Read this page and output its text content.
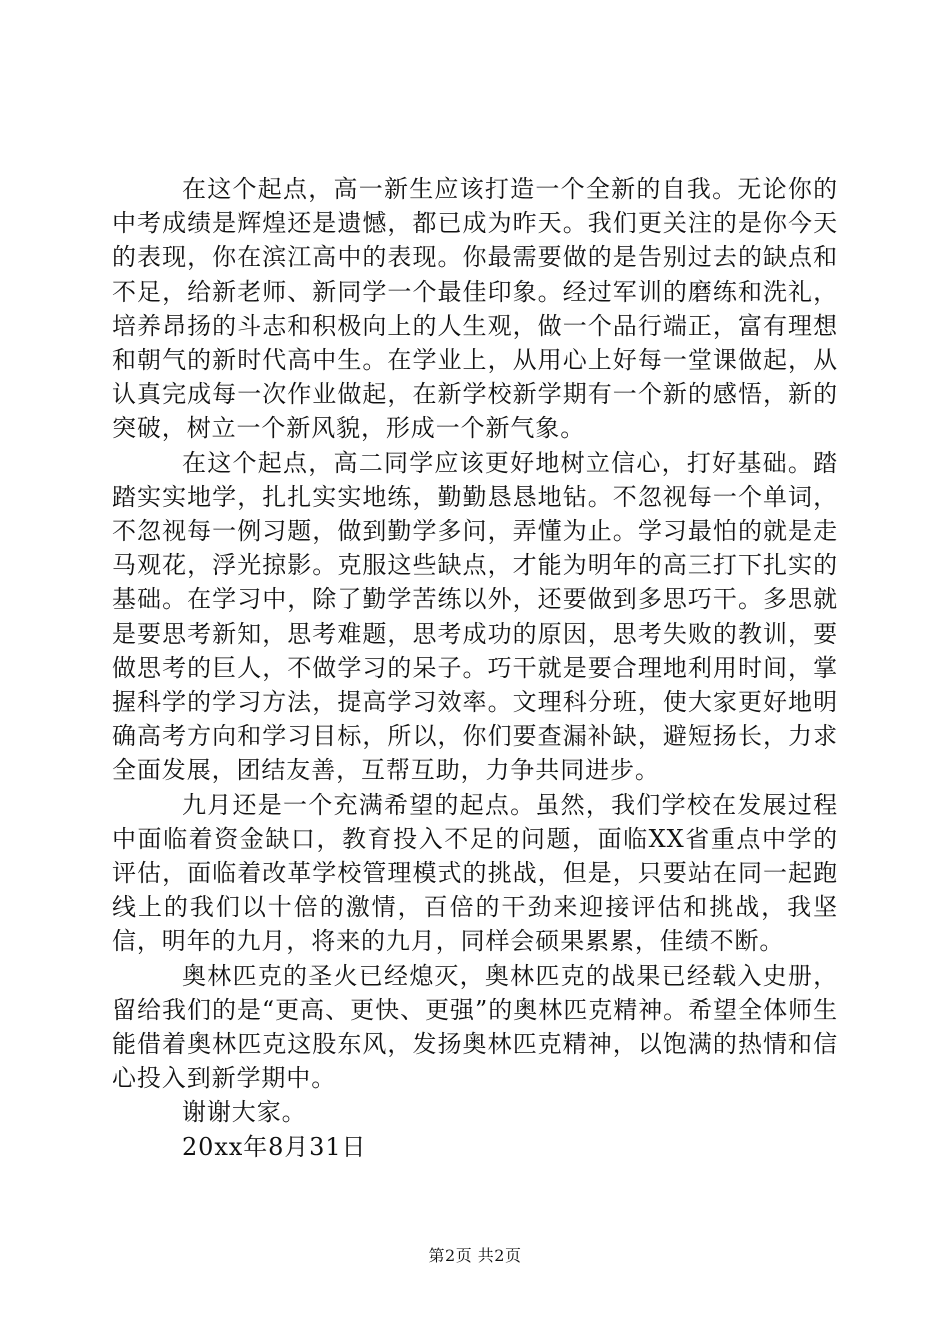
在这个起点，高一新生应该打造一个全新的自我。无论你的中考成绩是辉煌还是遗憾，都已成为昨天。我们更关注的是你今天的表现，你在滨江高中的表现。你最需要做的是告别过去的缺点和不足，给新老师、新同学一个最佳印象。经过军训的磨练和洗礼，培养昂扬的斗志和积极向上的人生观，做一个品行端正，富有理想和朝气的新时代高中生。在学业上，从用心上好每一堂课做起，从认真完成每一次作业做起，在新学校新学期有一个新的感悟，新的突破，树立一个新风貌，形成一个新气象。

在这个起点，高二同学应该更好地树立信心，打好基础。踏踏实实地学，扎扎实实地练，勤勤恳恳地钻。不忽视每一个单词，不忽视每一例习题，做到勤学多问，弄懂为止。学习最怕的就是走马观花，浮光掠影。克服这些缺点，才能为明年的高三打下扎实的基础。在学习中，除了勤学苦练以外，还要做到多思巧干。多思就是要思考新知，思考难题，思考成功的原因，思考失败的教训，要做思考的巨人，不做学习的呆子。巧干就是要合理地利用时间，掌握科学的学习方法，提高学习效率。文理科分班，使大家更好地明确高考方向和学习目标，所以，你们要查漏补缺，避短扬长，力求全面发展，团结友善，互帮互助，力争共同进步。

九月还是一个充满希望的起点。虽然，我们学校在发展过程中面临着资金缺口，教育投入不足的问题，面临XX省重点中学的评估，面临着改革学校管理模式的挑战，但是，只要站在同一起跑线上的我们以十倍的激情，百倍的干劲来迎接评估和挑战，我坚信，明年的九月，将来的九月，同样会硕果累累，佳绩不断。

奥林匹克的圣火已经熄灭，奥林匹克的战果已经载入史册，留给我们的是“更高、更快、更强”的奥林匹克精神。希望全体师生能借着奥林匹克这股东风，发扬奥林匹克精神，以饱满的热情和信心投入到新学期中。

谢谢大家。

20xx年8月31日

第2页 共2页
